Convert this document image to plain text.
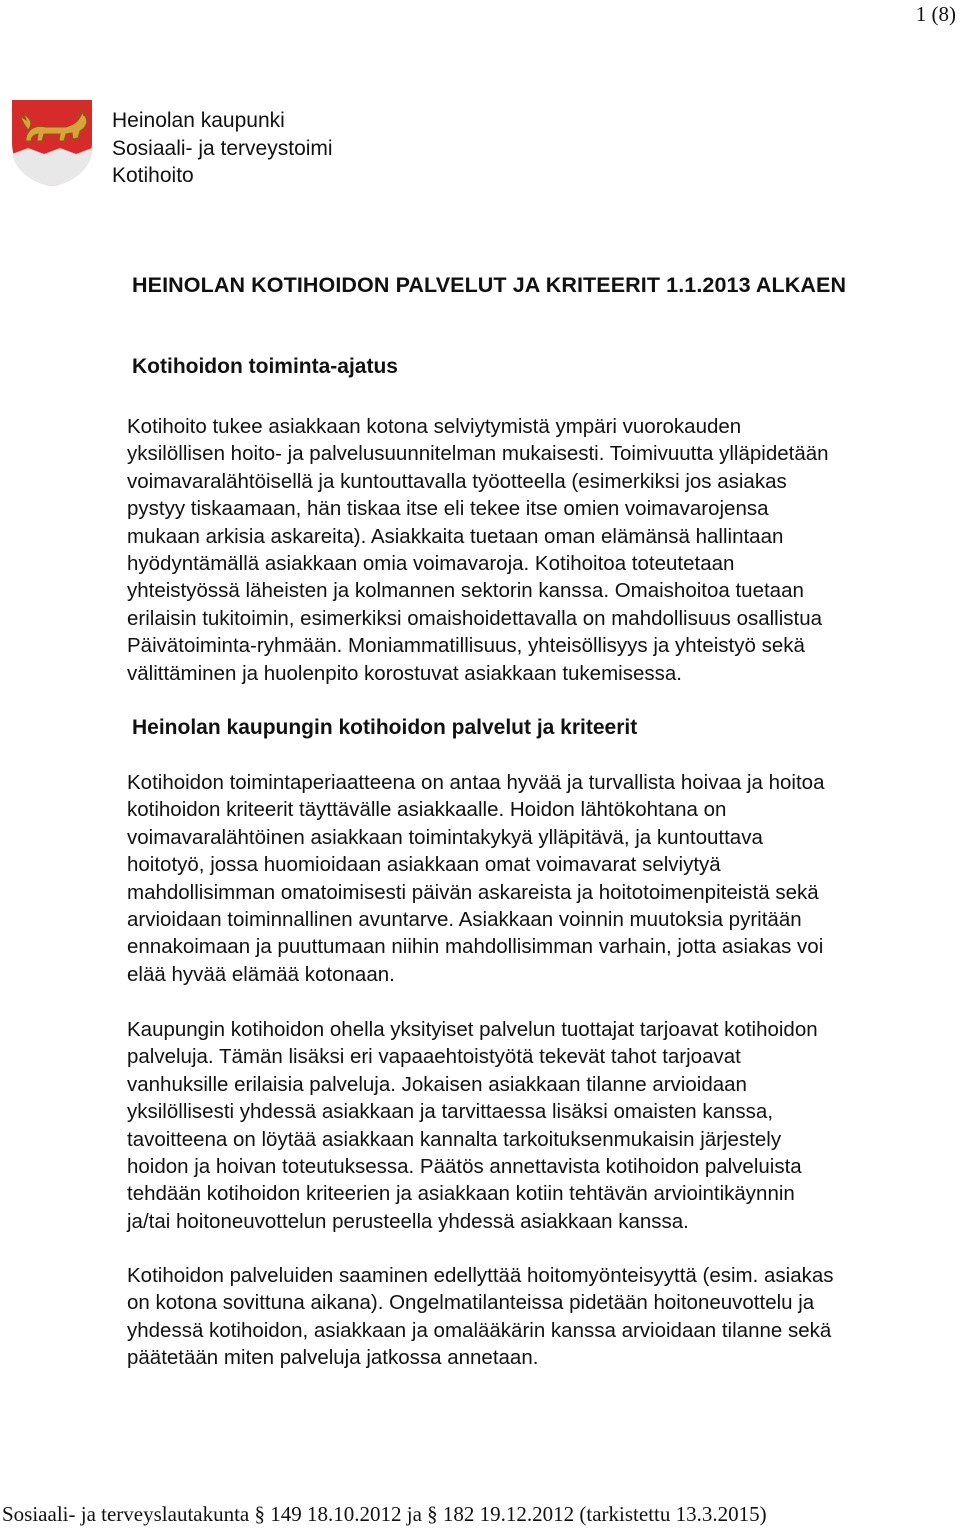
1 (8)
Heinolan kaupunki
Sosiaali- ja terveystoimi
Kotihoito
HEINOLAN KOTIHOIDON PALVELUT JA KRITEERIT 1.1.2013 ALKAEN
Kotihoidon toiminta-ajatus

Kotihoito tukee asiakkaan kotona selviytymistä ympäri vuorokauden
yksilöllisen hoito- ja palvelusuunnitelman mukaisesti. Toimivuutta ylläpidetään
voimavaralähtöisellä ja kuntouttavalla työotteella (esimerkiksi jos asiakas
pystyy tiskaamaan, hän tiskaa itse eli tekee itse omien voimavarojensa
mukaan arkisia askareita). Asiakkaita tuetaan oman elämänsä hallintaan
hyödyntämällä asiakkaan omia voimavaroja. Kotihoitoa toteutetaan
yhteistyössä läheisten ja kolmannen sektorin kanssa. Omaishoitoa tuetaan
erilaisin tukitoimin, esimerkiksi omaishoidettavalla on mahdollisuus osallistua
Päivätoiminta-ryhmään. Moniammatillisuus, yhteisöllisyys ja yhteistyö sekä
välittäminen ja huolenpito korostuvat asiakkaan tukemisessa.

Heinolan kaupungin kotihoidon palvelut ja kriteerit

Kotihoidon toimintaperiaatteena on antaa hyvää ja turvallista hoivaa ja hoitoa
kotihoidon kriteerit täyttävälle asiakkaalle. Hoidon lähtökohtana on
voimavaralähtöinen asiakkaan toimintakykyä ylläpitävä, ja kuntouttava
hoitotyö, jossa huomioidaan asiakkaan omat voimavarat selviytyä
mahdollisimman omatoimisesti päivän askareista ja hoitotoimenpiteistä sekä
arvioidaan toiminnallinen avuntarve. Asiakkaan voinnin muutoksia pyritään
ennakoimaan ja puuttumaan niihin mahdollisimman varhain, jotta asiakas voi
elää hyvää elämää kotonaan.

Kaupungin kotihoidon ohella yksityiset palvelun tuottajat tarjoavat kotihoidon
palveluja. Tämän lisäksi eri vapaaehtoistyötä tekevät tahot tarjoavat
vanhuksille erilaisia palveluja. Jokaisen asiakkaan tilanne arvioidaan
yksilöllisesti yhdessä asiakkaan ja tarvittaessa lisäksi omaisten kanssa,
tavoitteena on löytää asiakkaan kannalta tarkoituksenmukaisin järjestely
hoidon ja hoivan toteutuksessa. Päätös annettavista kotihoidon palveluista
tehdään kotihoidon kriteerien ja asiakkaan kotiin tehtävän arviointikäynnin
ja/tai hoitoneuvottelun perusteella yhdessä asiakkaan kanssa.

Kotihoidon palveluiden saaminen edellyttää hoitomyönteisyyttä (esim. asiakas
on kotona sovittuna aikana). Ongelmatilanteissa pidetään hoitoneuvottelu ja
yhdessä kotihoidon, asiakkaan ja omalääkärin kanssa arvioidaan tilanne sekä
päätetään miten palveluja jatkossa annetaan.

Sosiaali- ja terveyslautakunta § 149 18.10.2012 ja § 182 19.12.2012 (tarkistettu 13.3.2015)
